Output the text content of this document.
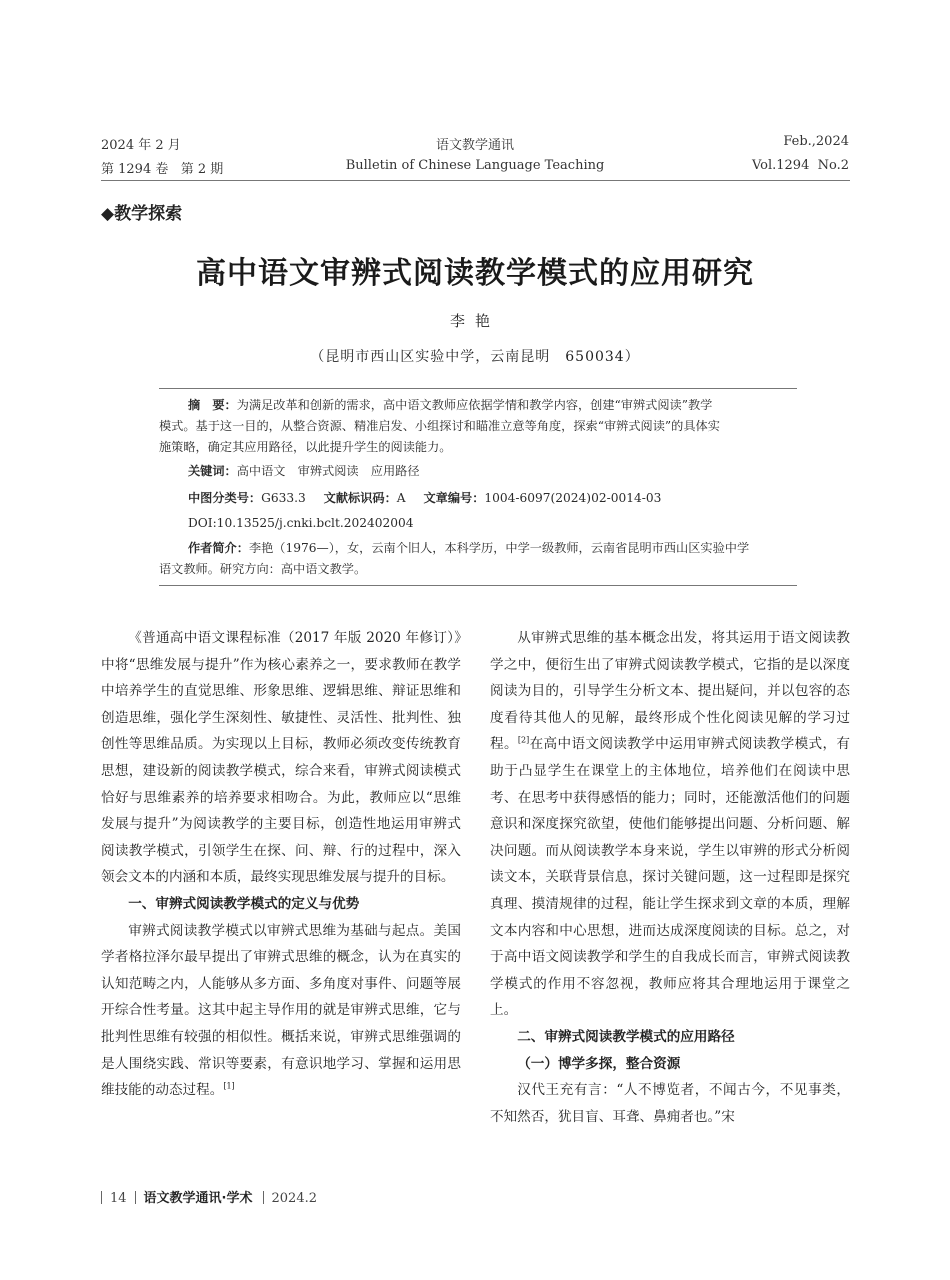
2024 年 2 月	语文教学通讯	Feb.,2024
第 1294 卷   第 2 期	Bulletin of Chinese Language Teaching	Vol.1294  No.2
◆教学探索
高中语文审辨式阅读教学模式的应用研究
李艳
（昆明市西山区实验中学，云南昆明　650034）
摘　要：为满足改革和创新的需求，高中语文教师应依据学情和教学内容，创建“审辨式阅读”教学
模式。基于这一目的，从整合资源、精准启发、小组探讨和瞄准立意等角度，探索“审辨式阅读”的具体实
施策略，确定其应用路径，以此提升学生的阅读能力。
关键词：高中语文　审辨式阅读　应用路径
中图分类号：G633.3 文献标识码：A 文章编号：1004-6097(2024)02-0014-03
DOI:10.13525/j.cnki.bclt.202402004
作者简介：李艳（1976—），女，云南个旧人，本科学历，中学一级教师，云南省昆明市西山区实验中学
语文教师。研究方向：高中语文教学。

《普通高中语文课程标准（2017 年版 2020 年修订）》中将“思维发展与提升”作为核心素养之一，要求教师在教学中培养学生的直觉思维、形象思维、逻辑思维、辩证思维和创造思维，强化学生深刻性、敏捷性、灵活性、批判性、独创性等思维品质。为实现以上目标，教师必须改变传统教育思想，建设新的阅读教学模式，综合来看，审辨式阅读模式恰好与思维素养的培养要求相吻合。为此，教师应以“思维发展与提升”为阅读教学的主要目标，创造性地运用审辨式阅读教学模式，引领学生在探、问、辩、行的过程中，深入领会文本的内涵和本质，最终实现思维发展与提升的目标。

一、审辨式阅读教学模式的定义与优势

审辨式阅读教学模式以审辨式思维为基础与起点。美国学者格拉泽尔最早提出了审辨式思维的概念，认为在真实的认知范畴之内，人能够从多方面、多角度对事件、问题等展开综合性考量。这其中起主导作用的就是审辨式思维，它与批判性思维有较强的相似性。概括来说，审辨式思维强调的是人围绕实践、常识等要素，有意识地学习、掌握和运用思维技能的动态过程。[1]

从审辨式思维的基本概念出发，将其运用于语文阅读教学之中，便衍生出了审辨式阅读教学模式，它指的是以深度阅读为目的，引导学生分析文本、提出疑问，并以包容的态度看待其他人的见解，最终形成个性化阅读见解的学习过程。[2]在高中语文阅读教学中运用审辨式阅读教学模式，有助于凸显学生在课堂上的主体地位，培养他们在阅读中思考、在思考中获得感悟的能力；同时，还能激活他们的问题意识和深度探究欲望，使他们能够提出问题、分析问题、解决问题。而从阅读教学本身来说，学生以审辨的形式分析阅读文本，关联背景信息，探讨关键问题，这一过程即是探究真理、摸清规律的过程，能让学生探求到文章的本质，理解文本内容和中心思想，进而达成深度阅读的目标。总之，对于高中语文阅读教学和学生的自我成长而言，审辨式阅读教学模式的作用不容忽视，教师应将其合理地运用于课堂之上。

二、审辨式阅读教学模式的应用路径

（一）博学多探，整合资源

汉代王充有言：“人不博览者，不闻古今，不见事类，不知然否，犹目盲、耳聋、鼻痈者也。”宋

14 语文教学通讯·学术 2024.2
